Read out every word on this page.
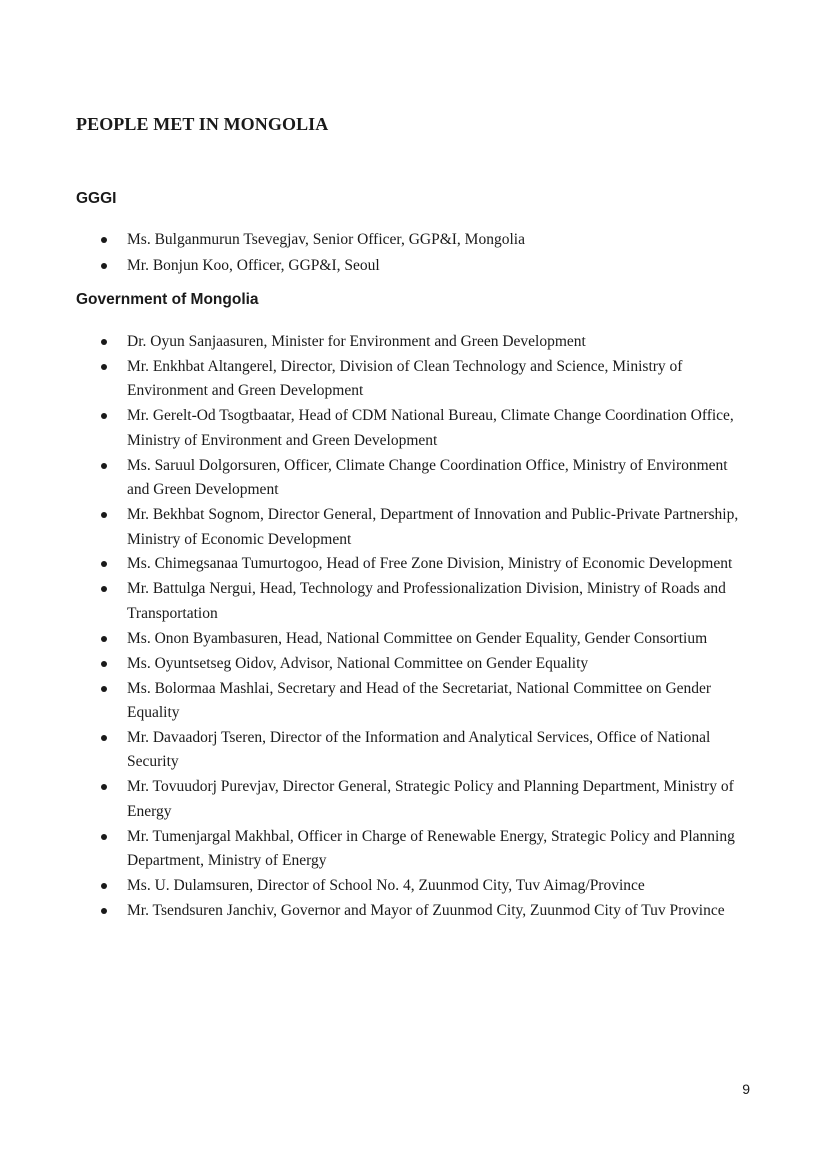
PEOPLE MET IN MONGOLIA
GGGI
Ms. Bulganmurun Tsevegjav, Senior Officer, GGP&I, Mongolia
Mr. Bonjun Koo, Officer, GGP&I, Seoul
Government of Mongolia
Dr. Oyun Sanjaasuren, Minister for Environment and Green Development
Mr. Enkhbat Altangerel, Director, Division of Clean Technology and Science, Ministry of Environment and Green Development
Mr. Gerelt-Od Tsogtbaatar, Head of CDM National Bureau, Climate Change Coordination Office, Ministry of Environment and Green Development
Ms. Saruul Dolgorsuren, Officer, Climate Change Coordination Office, Ministry of Environment and Green Development
Mr. Bekhbat Sognom, Director General, Department of Innovation and Public-Private Partnership, Ministry of Economic Development
Ms. Chimegsanaa Tumurtogoo, Head of Free Zone Division, Ministry of Economic Development
Mr. Battulga Nergui, Head, Technology and Professionalization Division, Ministry of Roads and Transportation
Ms. Onon Byambasuren, Head, National Committee on Gender Equality, Gender Consortium
Ms. Oyuntsetseg Oidov, Advisor, National Committee on Gender Equality
Ms. Bolormaa Mashlai, Secretary and Head of the Secretariat, National Committee on Gender Equality
Mr. Davaadorj Tseren, Director of the Information and Analytical Services, Office of National Security
Mr. Tovuudorj Purevjav, Director General, Strategic Policy and Planning Department, Ministry of Energy
Mr. Tumenjargal Makhbal, Officer in Charge of Renewable Energy, Strategic Policy and Planning Department, Ministry of Energy
Ms. U. Dulamsuren, Director of School No. 4, Zuunmod City, Tuv Aimag/Province
Mr. Tsendsuren Janchiv, Governor and Mayor of Zuunmod City, Zuunmod City of Tuv Province
9
